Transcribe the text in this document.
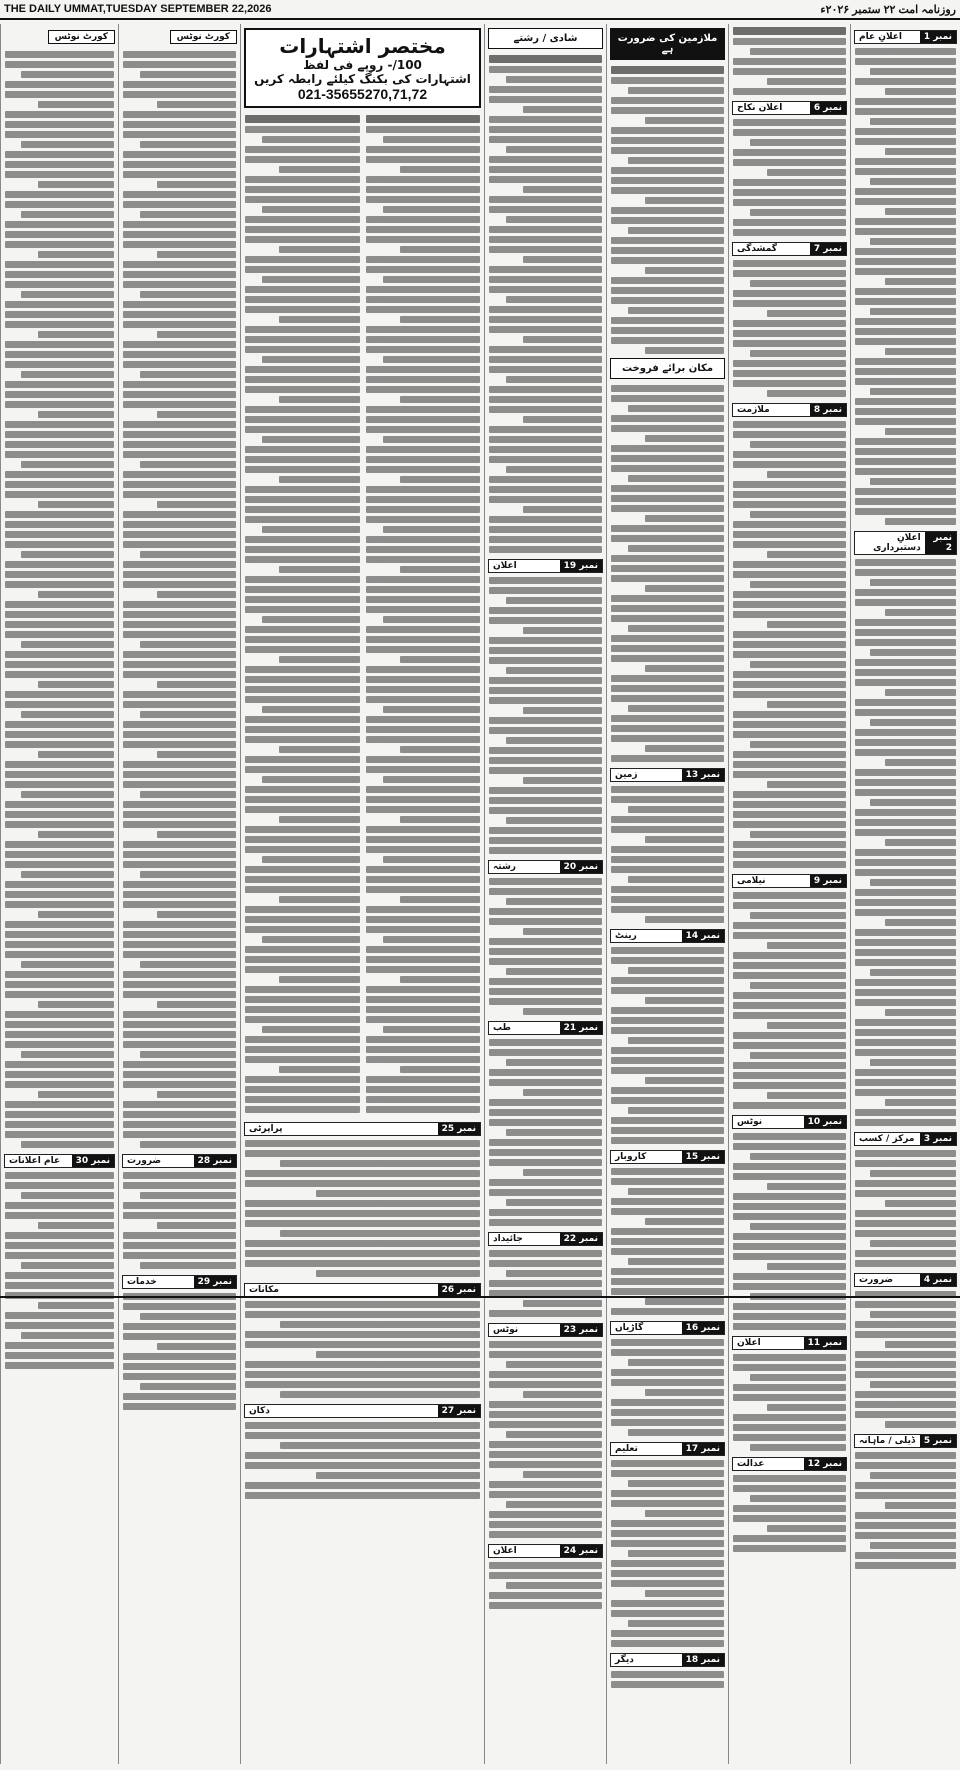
THE DAILY UMMAT,TUESDAY SEPTEMBER 22,2026	روزنامہ امت ۲۲ ستمبر ۲۰۲۶ء
نمبر 1
اعلانِ عام
نمبر 2
اعلانِ دستبرداری
نمبر 3
مرکز / کسب
نمبر 4
ضرورت
نمبر 5
ڈیلی / ماہانہ
نمبر 6
اعلان نکاح
نمبر 7
گمشدگی
نمبر 8
ملازمت
نمبر 9
نیلامی
نمبر 10
نوٹس
نمبر 11
اعلان
نمبر 12
عدالت
ملازمین کی ضرورت ہے
مکان برائے فروخت
نمبر 13
زمین
نمبر 14
رینٹ
نمبر 15
کاروبار
نمبر 16
گاڑیاں
نمبر 17
تعلیم
نمبر 18
دیگر
شادی / رشتے
نمبر 19
اعلان
نمبر 20
رشتہ
نمبر 21
طب
نمبر 22
جائیداد
نمبر 23
نوٹس
نمبر 24
اعلان
مختصر اشتہارات
100/- روپے فی لفظ
اشتہارات کی بکنگ کیلئے رابطہ کریں
021-35655270,71,72
نمبر 25
پراپرٹی
نمبر 26
مکانات
نمبر 27
دکان
کورٹ نوٹس
نمبر 28
ضرورت
نمبر 29
خدمات
کورٹ نوٹس
نمبر 30
عام اعلانات
